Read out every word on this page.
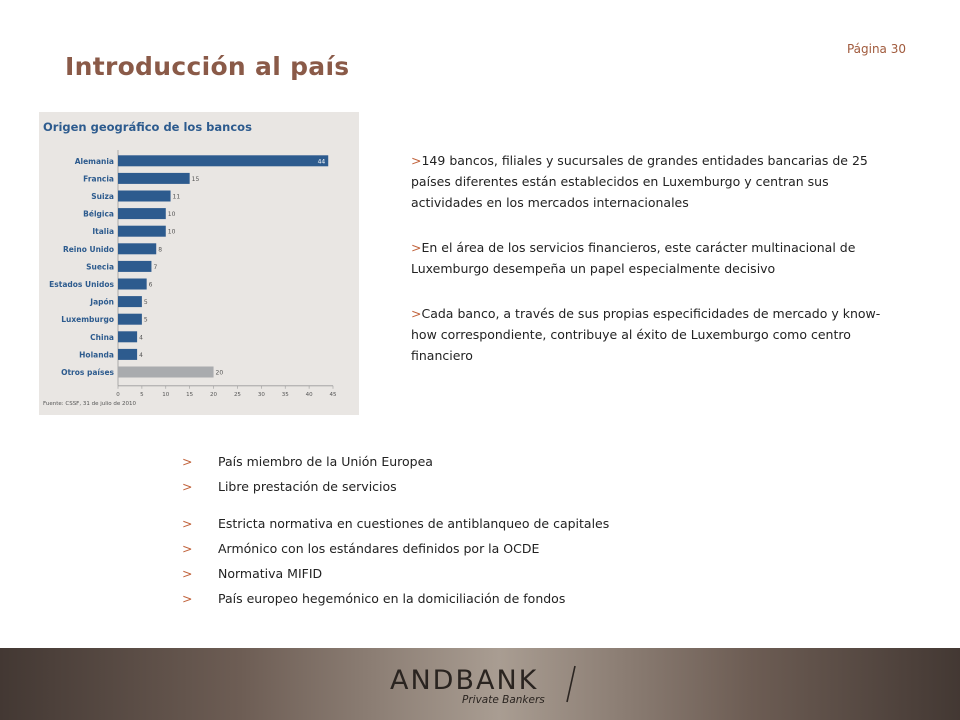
Página 30
Introducción al país
Origen geográfico de los bancos
Alemania	44
Francia	15
Suiza	11
Bélgica	10
Italia	10
Reino Unido	8
Suecia	7
Estados Unidos	6
Japón	5
Luxemburgo	5
China	4
Holanda	4
Otros países	20
0	5	10	15	20	25	30	35	40	45
Fuente: CSSF, 31 de julio de 2010

>149 bancos, filiales y sucursales de grandes entidades bancarias de 25 países diferentes están establecidos en Luxemburgo y centran sus actividades en los mercados internacionales

>En el área de los servicios financieros, este carácter multinacional de Luxemburgo desempeña un papel especialmente decisivo

>Cada banco, a través de sus propias especificidades de mercado y know-how correspondiente, contribuye al éxito de Luxemburgo como centro financiero

>	País miembro de la Unión Europea
>	Libre prestación de servicios
>	Estricta normativa en cuestiones de antiblanqueo de capitales
>	Armónico con los estándares definidos por la OCDE
>	Normativa MIFID
>	País europeo hegemónico en la domiciliación de fondos
ANDBANK
Private Bankers
